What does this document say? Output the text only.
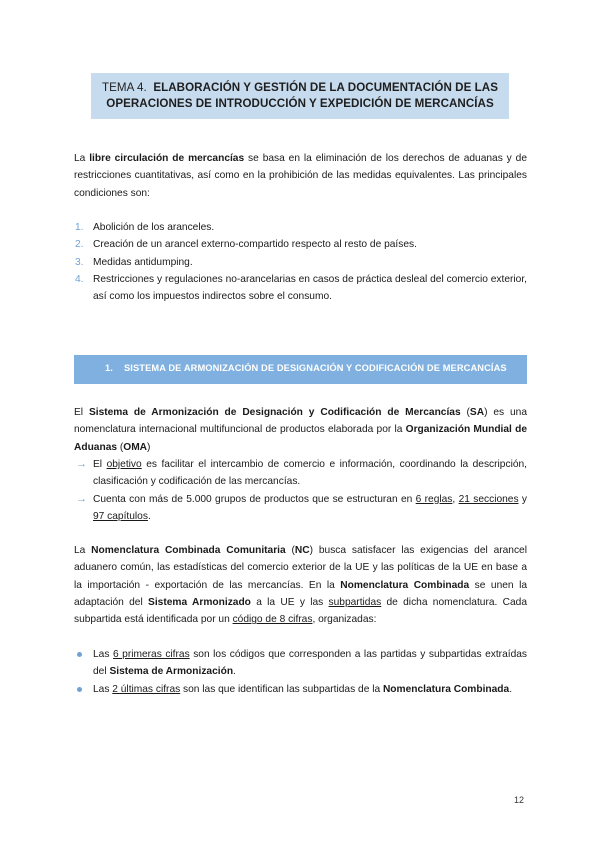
TEMA 4. ELABORACIÓN Y GESTIÓN DE LA DOCUMENTACIÓN DE LAS
OPERACIONES DE INTRODUCCIÓN Y EXPEDICIÓN DE MERCANCÍAS
La libre circulación de mercancías se basa en la eliminación de los derechos de aduanas y de restricciones cuantitativas, así como en la prohibición de las medidas equivalentes. Las principales condiciones son:
1. Abolición de los aranceles.
2. Creación de un arancel externo-compartido respecto al resto de países.
3. Medidas antidumping.
4. Restricciones y regulaciones no-arancelarias en casos de práctica desleal del comercio exterior, así como los impuestos indirectos sobre el consumo.
1. SISTEMA DE ARMONIZACIÓN DE DESIGNACIÓN Y CODIFICACIÓN DE MERCANCÍAS
El Sistema de Armonización de Designación y Codificación de Mercancías (SA) es una nomenclatura internacional multifuncional de productos elaborada por la Organización Mundial de Aduanas (OMA)
→ El objetivo es facilitar el intercambio de comercio e información, coordinando la descripción, clasificación y codificación de las mercancías.
→ Cuenta con más de 5.000 grupos de productos que se estructuran en 6 reglas, 21 secciones y 97 capítulos.
La Nomenclatura Combinada Comunitaria (NC) busca satisfacer las exigencias del arancel aduanero común, las estadísticas del comercio exterior de la UE y las políticas de la UE en base a la importación - exportación de las mercancías. En la Nomenclatura Combinada se unen la adaptación del Sistema Armonizado a la UE y las subpartidas de dicha nomenclatura. Cada subpartida está identificada por un código de 8 cifras, organizadas:
Las 6 primeras cifras son los códigos que corresponden a las partidas y subpartidas extraídas del Sistema de Armonización.
Las 2 últimas cifras son las que identifican las subpartidas de la Nomenclatura Combinada.
12
